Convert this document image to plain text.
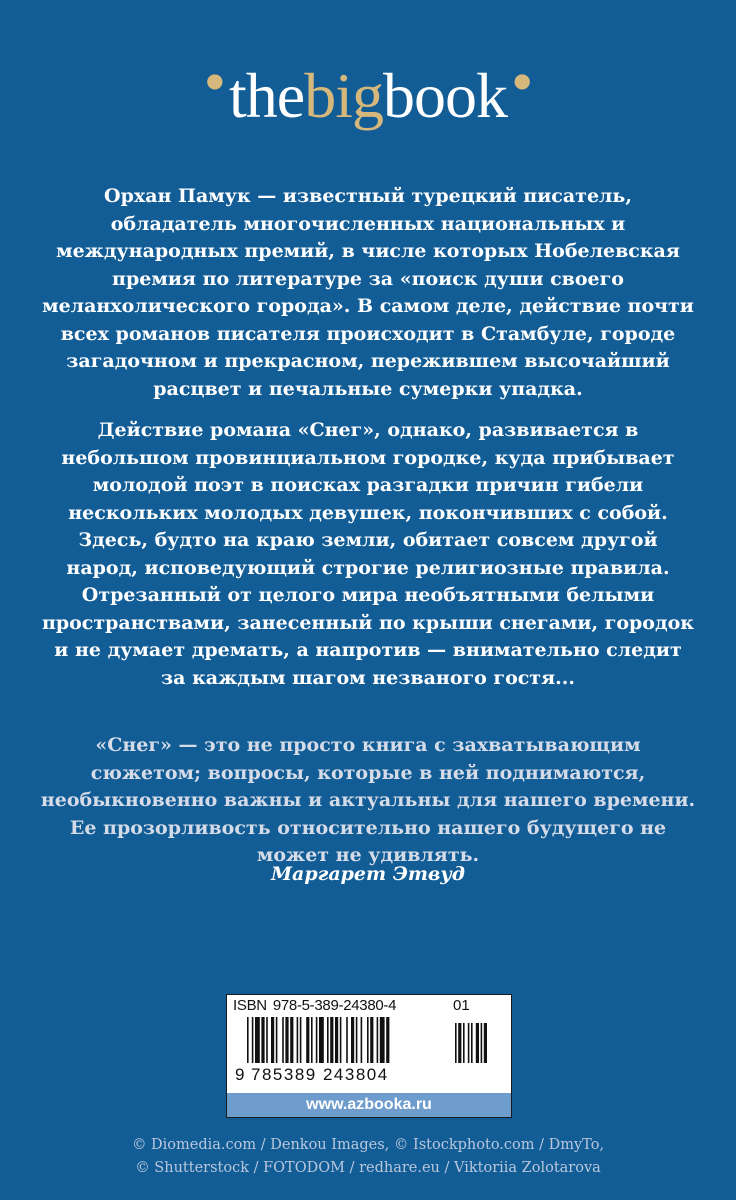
• the big book •

Орхан Памук — известный турецкий писатель, обладатель многочисленных национальных и международных премий, в числе которых Нобелевская премия по литературе за «поиск души своего меланхолического города». В самом деле, действие почти всех романов писателя происходит в Стамбуле, городе загадочном и прекрасном, пережившем высочайший расцвет и печальные сумерки упадка.

Действие романа «Снег», однако, развивается в небольшом провинциальном городке, куда прибывает молодой поэт в поисках разгадки причин гибели нескольких молодых девушек, покончивших с собой. Здесь, будто на краю земли, обитает совсем другой народ, исповедующий строгие религиозные правила. Отрезанный от целого мира необъятными белыми пространствами, занесенный по крыши снегами, городок и не думает дремать, а напротив — внимательно следит за каждым шагом незваного гостя...

«Снег» — это не просто книга с захватывающим сюжетом; вопросы, которые в ней поднимаются, необыкновенно важны и актуальны для нашего времени. Ее прозорливость относительно нашего будущего не может не удивлять.

Маргарет Этвуд

ISBN 978-5-389-24380-4	01
9 785389 243804
www.azbooka.ru

© Diomedia.com / Denkou Images, © Istockphoto.com / DmyTo,
© Shutterstock / FOTODOM / redhare.eu / Viktoriia Zolotarova
